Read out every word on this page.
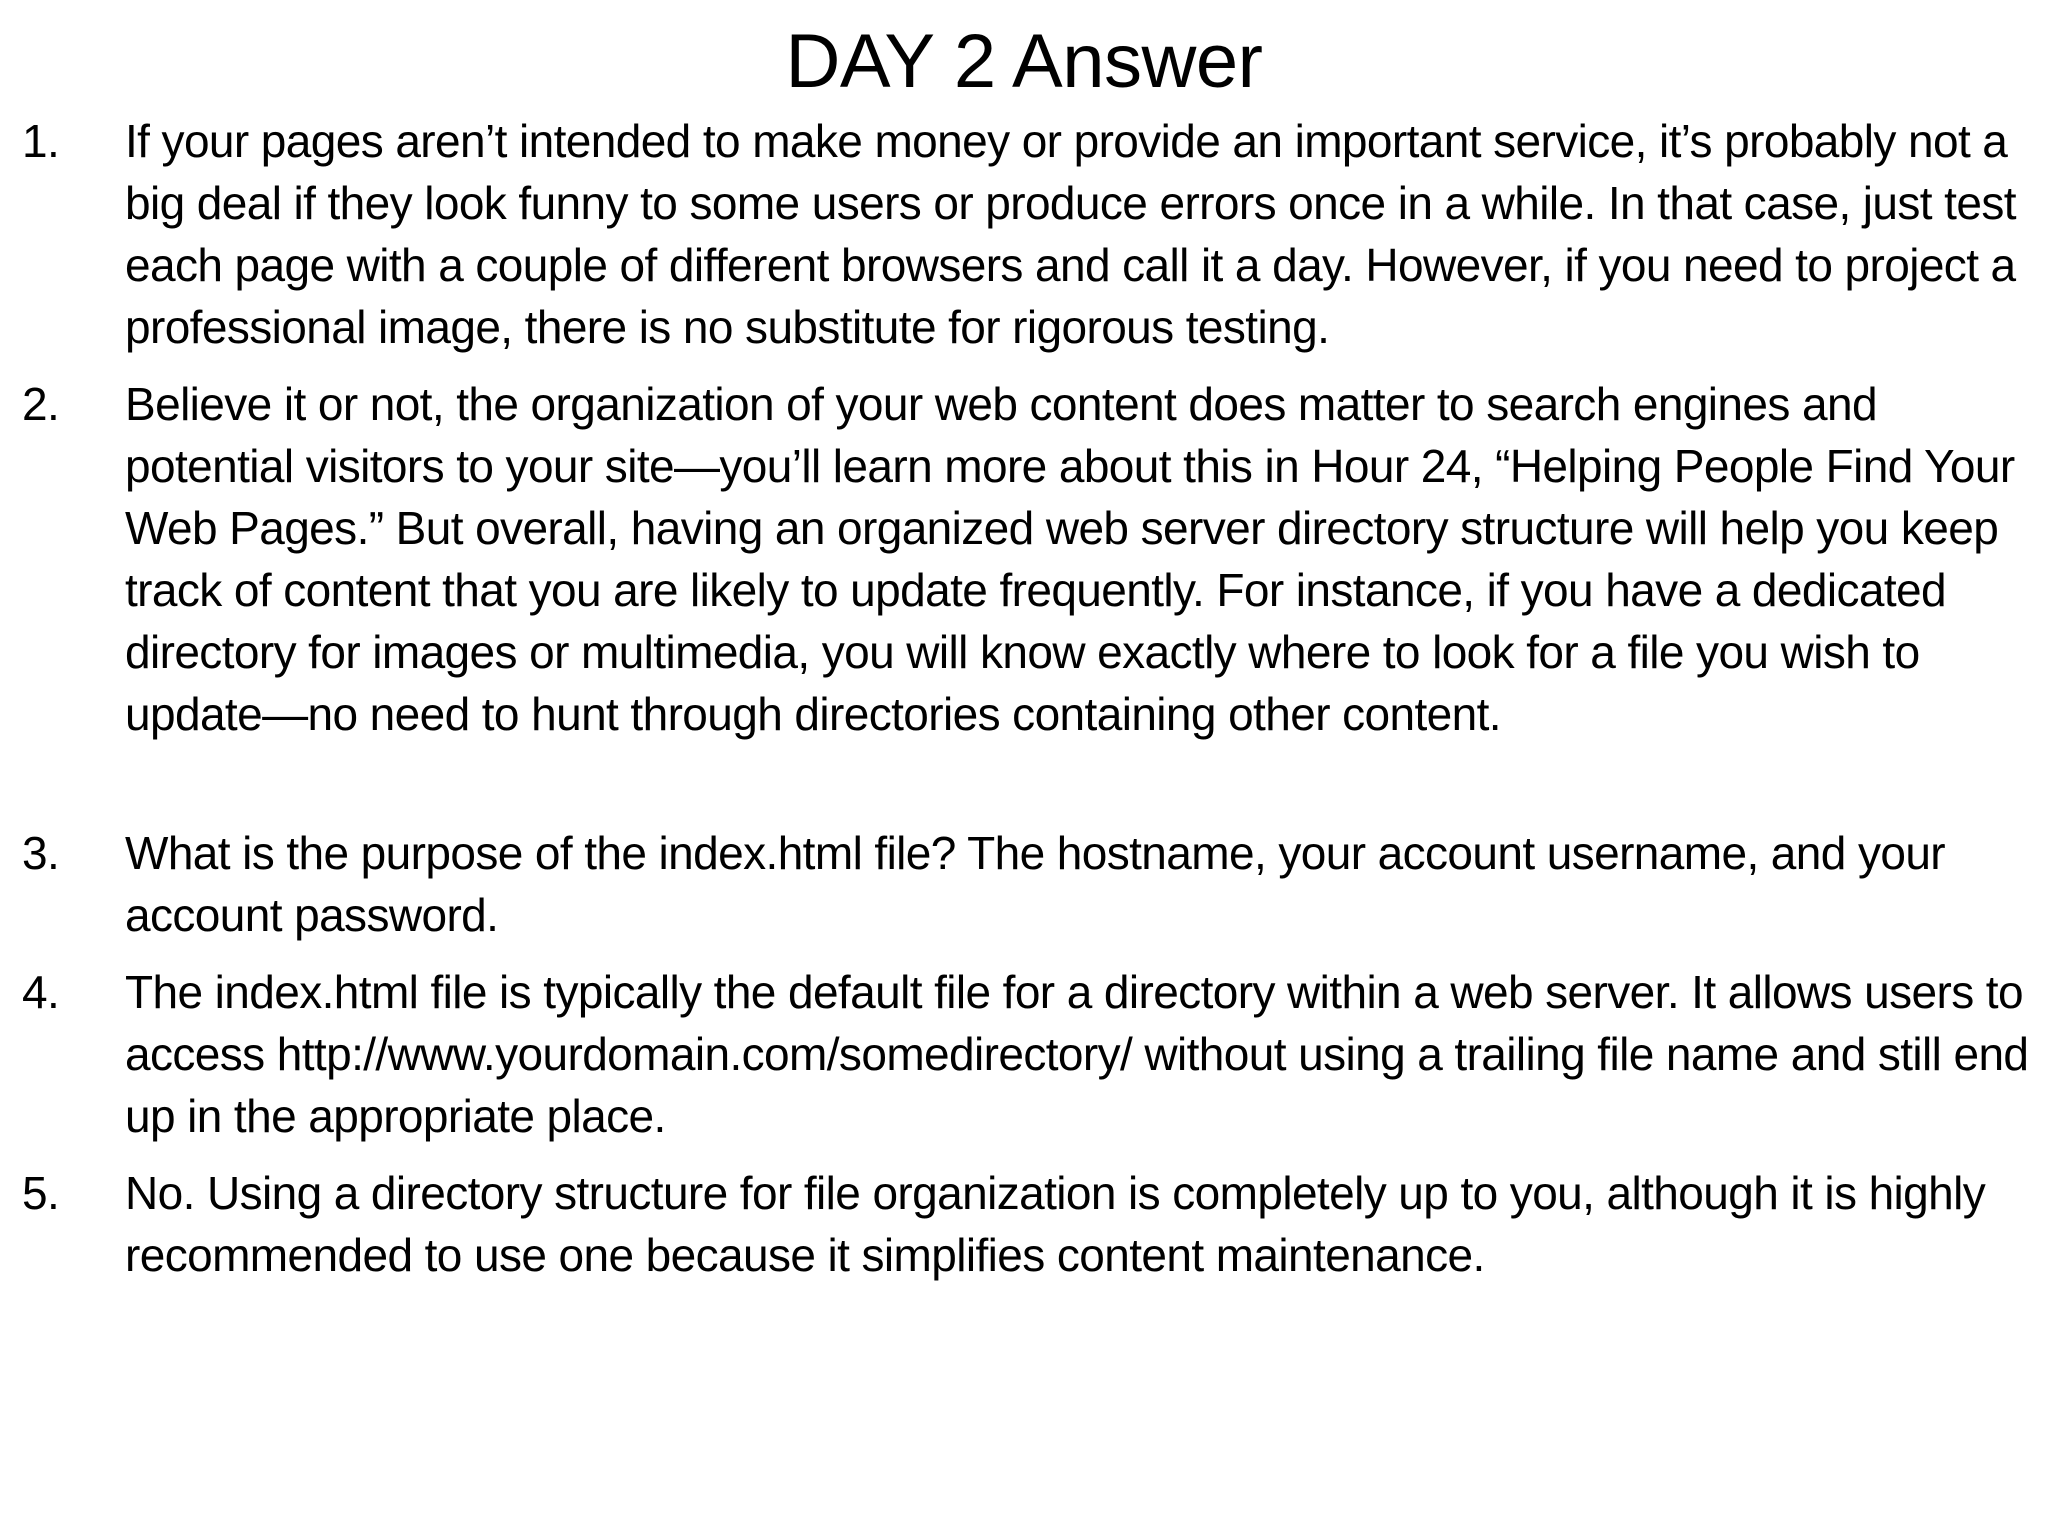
DAY 2 Answer
1.	If your pages aren’t intended to make money or provide an important service, it’s probably not a big deal if they look funny to some users or produce errors once in a while. In that case, just test each page with a couple of different browsers and call it a day. However, if you need to project a professional image, there is no substitute for rigorous testing.
2.	Believe it or not, the organization of your web content does matter to search engines and potential visitors to your site—you’ll learn more about this in Hour 24, “Helping People Find Your Web Pages.” But overall, having an organized web server directory structure will help you keep track of content that you are likely to update frequently. For instance, if you have a dedicated directory for images or multimedia, you will know exactly where to look for a file you wish to update—no need to hunt through directories containing other content.
3.	What is the purpose of the index.html file? The hostname, your account username, and your account password.
4.	The index.html file is typically the default file for a directory within a web server. It allows users to access http://www.yourdomain.com/somedirectory/ without using a trailing file name and still end up in the appropriate place.
5.	No. Using a directory structure for file organization is completely up to you, although it is highly recommended to use one because it simplifies content maintenance.
